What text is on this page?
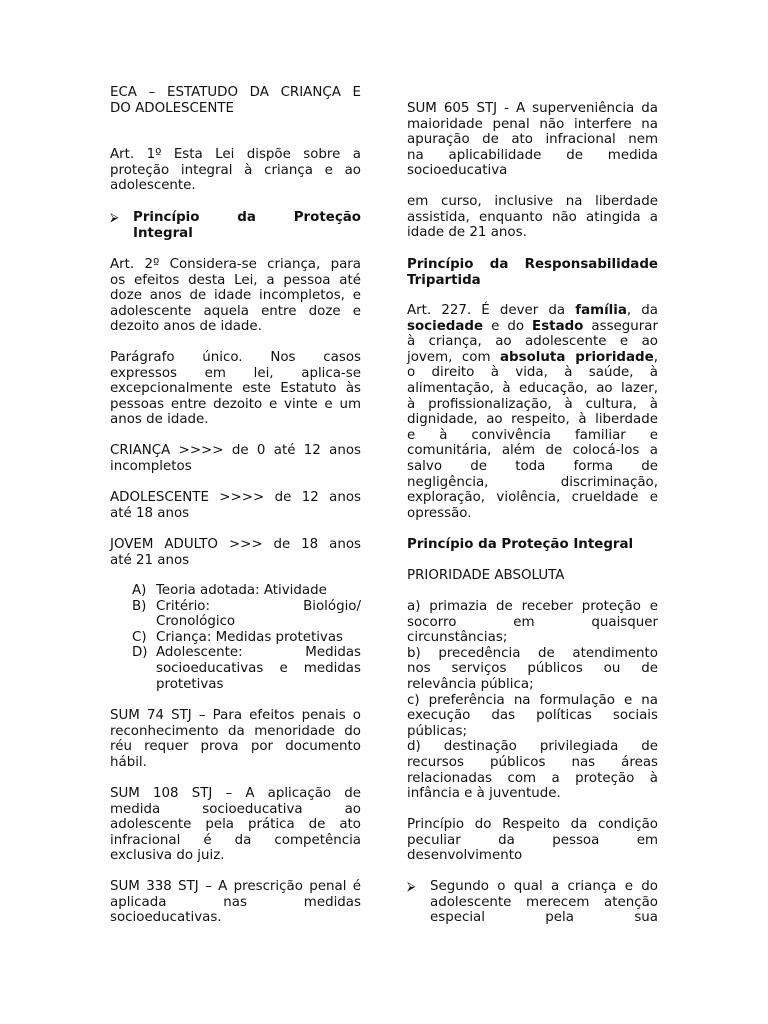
ECA – ESTATUDO DA CRIANÇA E

DO ADOLESCENTE
Art. 1º Esta Lei dispõe sobre a
proteção integral à criança e ao

adolescente.
⮚	Princípio da Proteção

Integral
Art. 2º Considera-se criança, para
os efeitos desta Lei, a pessoa até
doze anos de idade incompletos, e
adolescente aquela entre doze e

dezoito anos de idade.
Parágrafo único. Nos casos
expressos em lei, aplica-se
excepcionalmente este Estatuto às
pessoas entre dezoito e vinte e um

anos de idade.
CRIANÇA >>>> de 0 até 12 anos

incompletos
ADOLESCENTE >>>> de 12 anos

até 18 anos
JOVEM ADULTO >>> de 18 anos

até 21 anos
A) Teoria adotada: Atividade
B) Critério: Biológio/

Cronológico
C) Criança: Medidas protetivas
D) Adolescente: Medidas
socioeducativas e medidas

protetivas
SUM 74 STJ – Para efeitos penais o
reconhecimento da menoridade do
réu requer prova por documento

hábil.
SUM 108 STJ – A aplicação de
medida socioeducativa ao
adolescente pela prática de ato
infracional é da competência

exclusiva do juiz.
SUM 338 STJ – A prescrição penal é
aplicada nas medidas

socioeducativas.
SUM 605 STJ - A superveniência da
maioridade penal não interfere na
apuração de ato infracional nem
na aplicabilidade de medida

socioeducativa
em curso, inclusive na liberdade
assistida, enquanto não atingida a

idade de 21 anos.
Princípio da Responsabilidade

Tripartida
Art. 227. É dever da família, da
sociedade e do Estado assegurar
à criança, ao adolescente e ao
jovem, com absoluta prioridade,
o direito à vida, à saúde, à
alimentação, à educação, ao lazer,
à profissionalização, à cultura, à
dignidade, ao respeito, à liberdade
e à convivência familiar e
comunitária, além de colocá-los a
salvo de toda forma de
negligência, discriminação,
exploração, violência, crueldade e

opressão.
Princípio da Proteção Integral
PRIORIDADE ABSOLUTA
a) primazia de receber proteção e
socorro em quaisquer

circunstâncias;
b) precedência de atendimento
nos serviços públicos ou de

relevância pública;
c) preferência na formulação e na
execução das políticas sociais

públicas;
d) destinação privilegiada de
recursos públicos nas áreas
relacionadas com a proteção à

infância e à juventude.
Princípio do Respeito da condição
peculiar da pessoa em

desenvolvimento
⮚	Segundo o qual a criança e do
adolescente merecem atenção
especial pela sua
